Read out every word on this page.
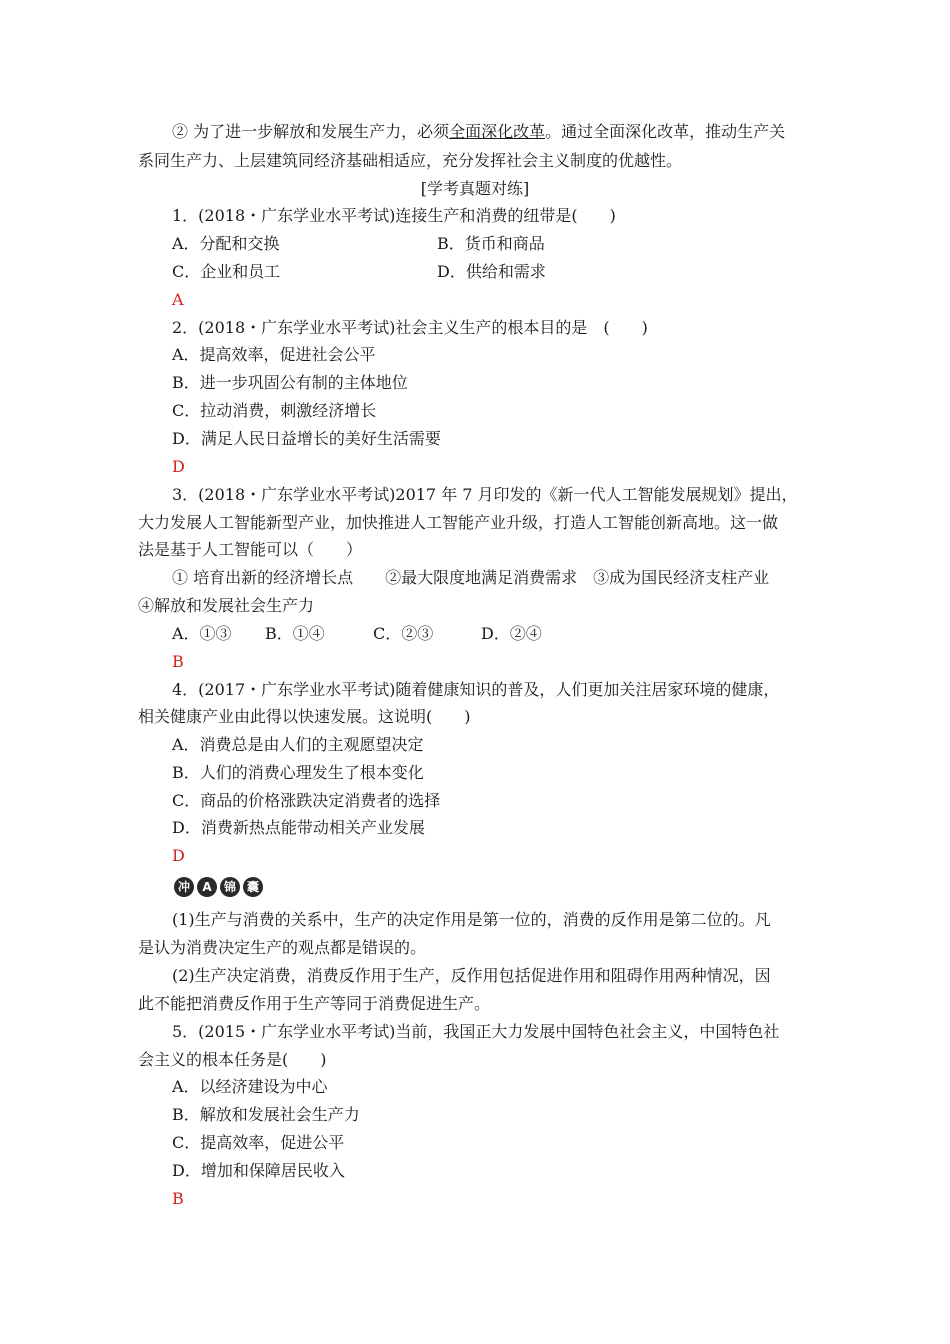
② 为了进一步解放和发展生产力，必须全面深化改革。通过全面深化改革，推动生产关
系同生产力、上层建筑同经济基础相适应，充分发挥社会主义制度的优越性。
[学考真题对练]
1．(2018・广东学业水平考试)连接生产和消费的纽带是(　　)
A．分配和交换	B．货币和商品
C．企业和员工	D．供给和需求
A
2．(2018・广东学业水平考试)社会主义生产的根本目的是　(　　)
A．提高效率，促进社会公平
B．进一步巩固公有制的主体地位
C．拉动消费，刺激经济增长
D．满足人民日益增长的美好生活需要
D
3．(2018・广东学业水平考试)2017 年 7 月印发的《新一代人工智能发展规划》提出，
大力发展人工智能新型产业，加快推进人工智能产业升级，打造人工智能创新高地。这一做
法是基于人工智能可以（　　）
① 培育出新的经济增长点　　②最大限度地满足消费需求　③成为国民经济支柱产业
④解放和发展社会生产力
A．①③ B．①④	C．②③	D．②④
B
4．(2017・广东学业水平考试)随着健康知识的普及，人们更加关注居家环境的健康，
相关健康产业由此得以快速发展。这说明(　　)
A．消费总是由人们的主观愿望决定
B．人们的消费心理发生了根本变化
C．商品的价格涨跌决定消费者的选择
D．消费新热点能带动相关产业发展
D
冲	A	锦 囊
(1)生产与消费的关系中，生产的决定作用是第一位的，消费的反作用是第二位的。凡
是认为消费决定生产的观点都是错误的。
(2)生产决定消费，消费反作用于生产，反作用包括促进作用和阻碍作用两种情况，因
此不能把消费反作用于生产等同于消费促进生产。
5．(2015・广东学业水平考试)当前，我国正大力发展中国特色社会主义，中国特色社
会主义的根本任务是(　　)
A．以经济建设为中心
B．解放和发展社会生产力
C．提高效率，促进公平
D．增加和保障居民收入
B
